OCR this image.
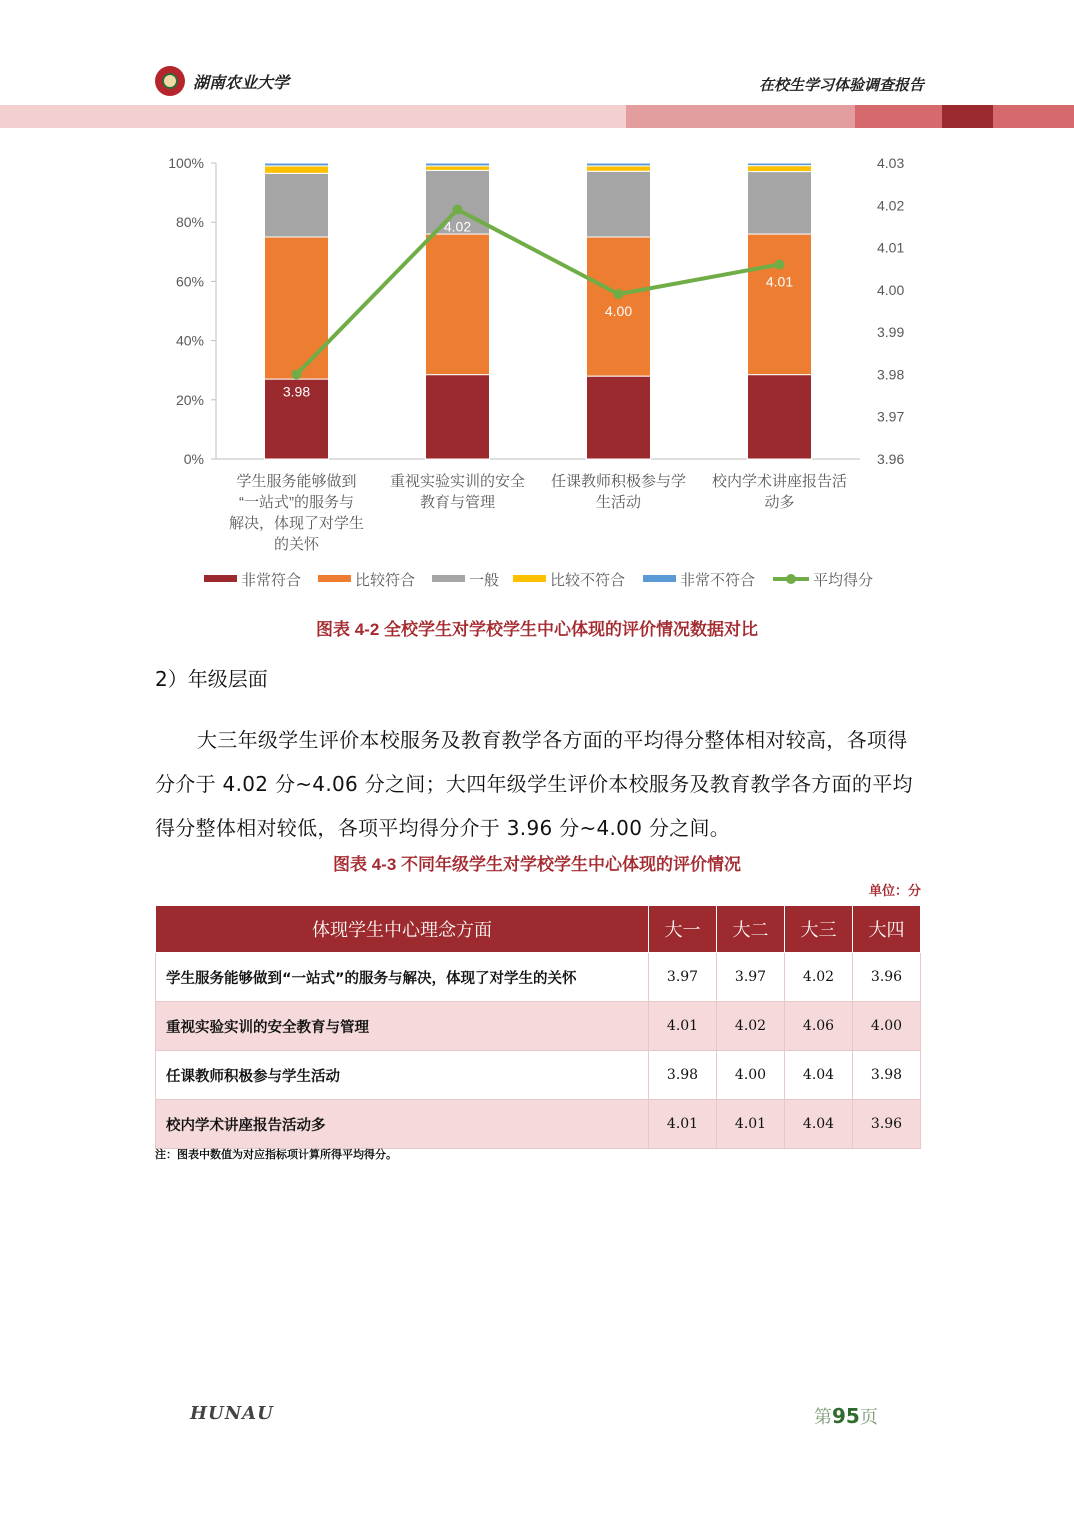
湖南农业大学	在校生学习体验调查报告
0%
20%
40%
60%
80%
100%
3.96
3.97
3.98
3.99
4.00
4.01
4.02
4.03
学生服务能够做到
“一站式”的服务与
解决，体现了对学生
的关怀
重视实验实训的安全
教育与管理
任课教师积极参与学
生活动
校内学术讲座报告活
动多
3.98
4.02
4.00
4.01
非常符合	比较符合	一般	比较不符合	非常不符合	平均得分
图表 4-2 全校学生对学校学生中心体现的评价情况数据对比
2）年级层面
大三年级学生评价本校服务及教育教学各方面的平均得分整体相对较高，各项得分介于 4.02 分~4.06 分之间；大四年级学生评价本校服务及教育教学各方面的平均得分整体相对较低，各项平均得分介于 3.96 分~4.00 分之间。
图表 4-3 不同年级学生对学校学生中心体现的评价情况
单位：分
体现学生中心理念方面	大一	大二	大三	大四
学生服务能够做到“一站式”的服务与解决，体现了对学生的关怀	3.97	3.97	4.02	3.96
重视实验实训的安全教育与管理	4.01	4.02	4.06	4.00
任课教师积极参与学生活动	3.98	4.00	4.04	3.98
校内学术讲座报告活动多	4.01	4.01	4.04	3.96
注：图表中数值为对应指标项计算所得平均得分。
HUNAU	第95页
